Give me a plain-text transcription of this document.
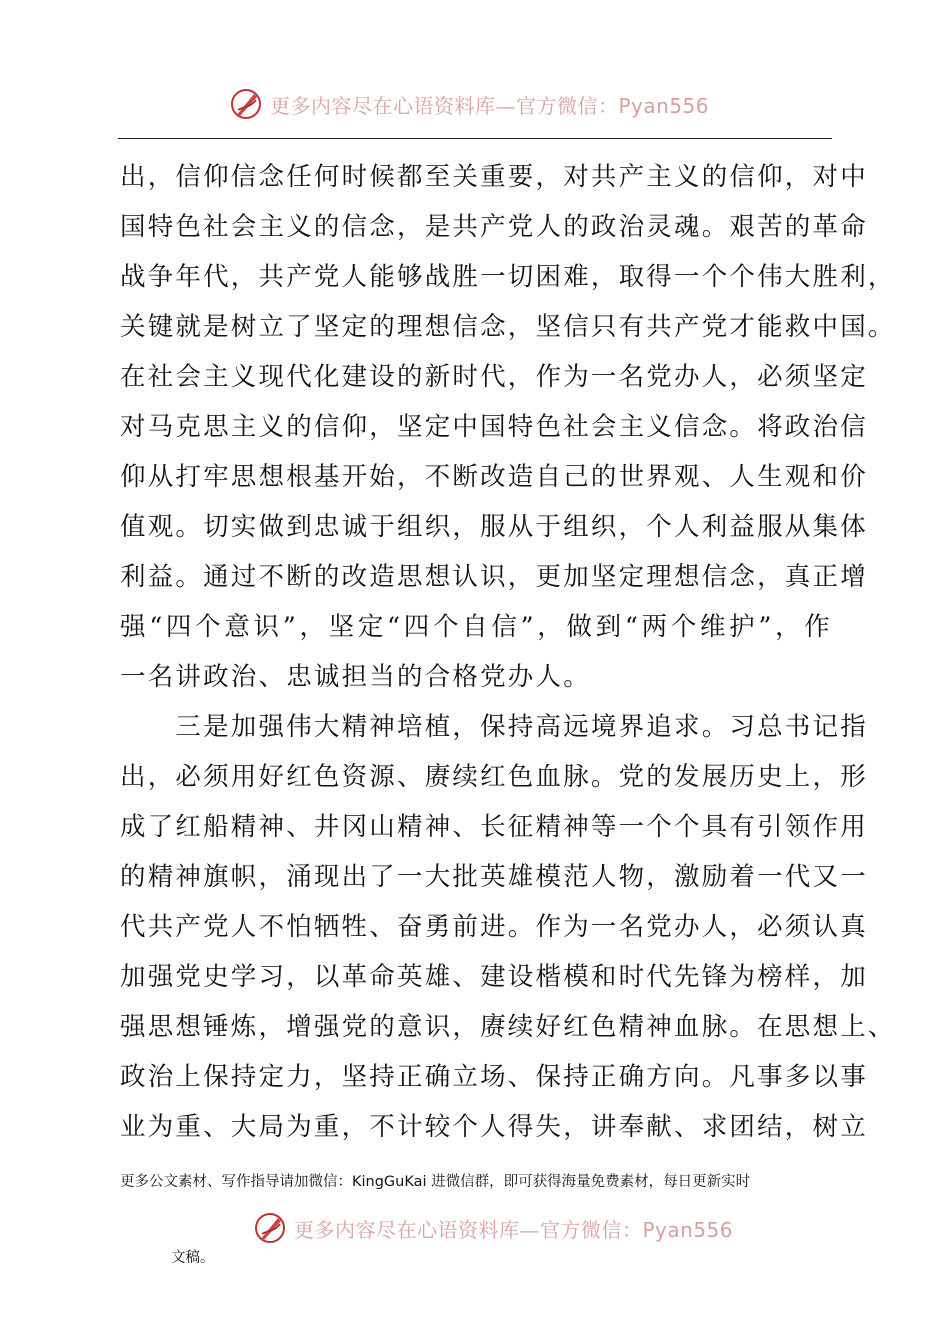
更多内容尽在心语资料库—官方微信：Pyan556
出，信仰信念任何时候都至关重要，对共产主义的信仰，对中
国特色社会主义的信念，是共产党人的政治灵魂。艰苦的革命
战争年代，共产党人能够战胜一切困难，取得一个个伟大胜利，
关键就是树立了坚定的理想信念，坚信只有共产党才能救中国。
在社会主义现代化建设的新时代，作为一名党办人，必须坚定
对马克思主义的信仰，坚定中国特色社会主义信念。将政治信
仰从打牢思想根基开始，不断改造自己的世界观、人生观和价
值观。切实做到忠诚于组织，服从于组织，个人利益服从集体
利益。通过不断的改造思想认识，更加坚定理想信念，真正增
强“四个意识”，坚定“四个自信”，做到“两个维护”，作
一名讲政治、忠诚担当的合格党办人。
　　三是加强伟大精神培植，保持高远境界追求。习总书记指
出，必须用好红色资源、赓续红色血脉。党的发展历史上，形
成了红船精神、井冈山精神、长征精神等一个个具有引领作用
的精神旗帜，涌现出了一大批英雄模范人物，激励着一代又一
代共产党人不怕牺牲、奋勇前进。作为一名党办人，必须认真
加强党史学习，以革命英雄、建设楷模和时代先锋为榜样，加
强思想锤炼，增强党的意识，赓续好红色精神血脉。在思想上、
政治上保持定力，坚持正确立场、保持正确方向。凡事多以事
业为重、大局为重，不计较个人得失，讲奉献、求团结，树立
更多公文素材、写作指导请加微信：KingGuKai 进微信群，即可获得海量免费素材，每日更新实时
更多内容尽在心语资料库—官方微信：Pyan556
文稿。
